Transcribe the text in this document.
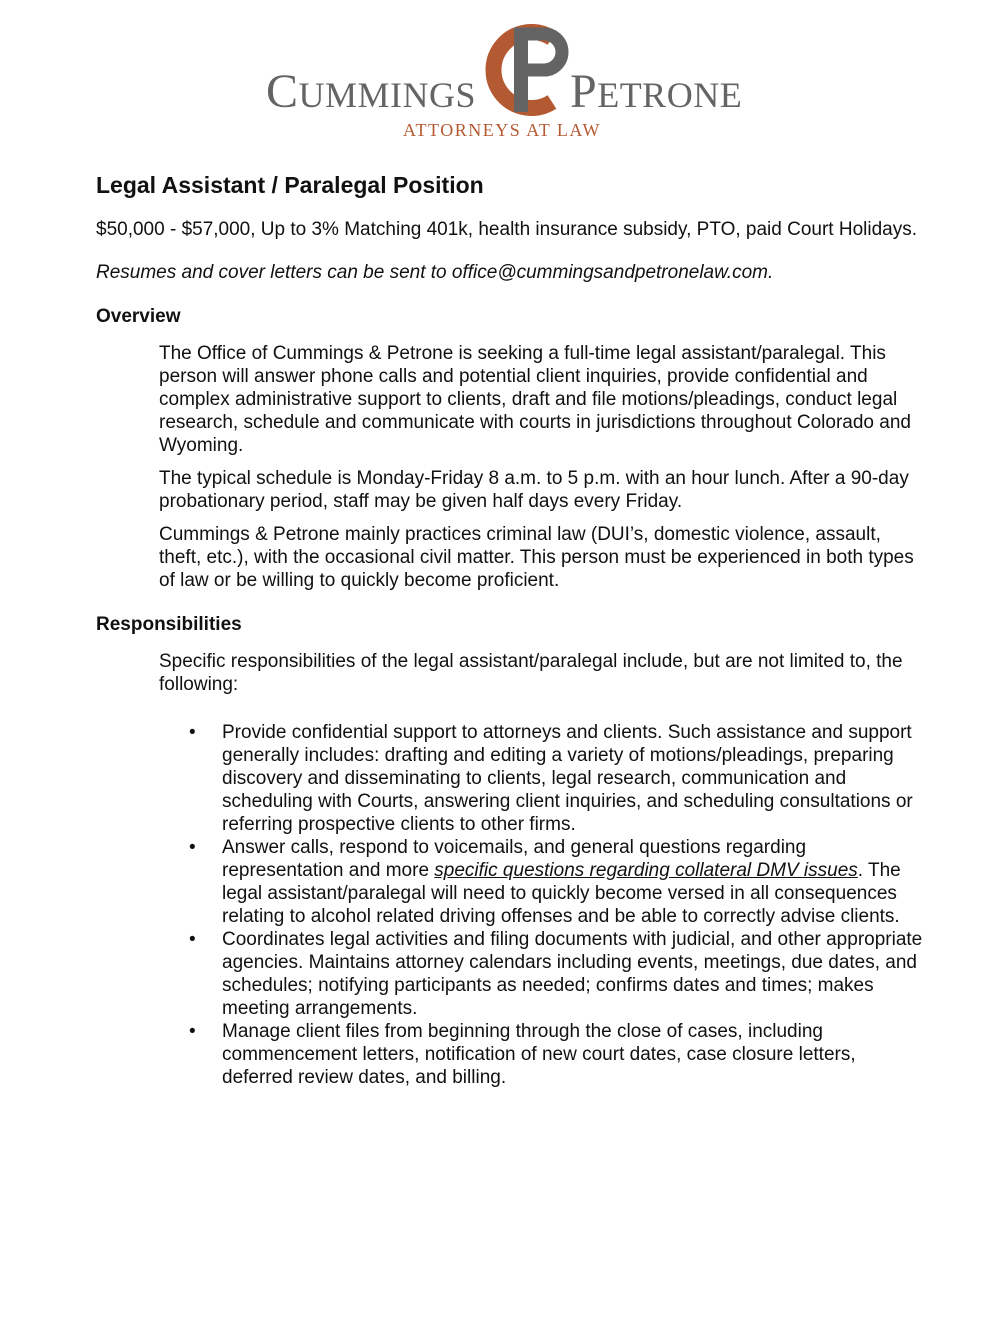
CUMMINGS PETRONE
ATTORNEYS AT LAW
Legal Assistant / Paralegal Position

$50,000 - $57,000, Up to 3% Matching 401k, health insurance subsidy, PTO, paid Court Holidays.

Resumes and cover letters can be sent to office@cummingsandpetronelaw.com.

Overview

The Office of Cummings & Petrone is seeking a full-time legal assistant/paralegal. This person will answer phone calls and potential client inquiries, provide confidential and complex administrative support to clients, draft and file motions/pleadings, conduct legal research, schedule and communicate with courts in jurisdictions throughout Colorado and Wyoming.

The typical schedule is Monday-Friday 8 a.m. to 5 p.m. with an hour lunch. After a 90-day probationary period, staff may be given half days every Friday.

Cummings & Petrone mainly practices criminal law (DUI’s, domestic violence, assault, theft, etc.), with the occasional civil matter. This person must be experienced in both types of law or be willing to quickly become proficient.

Responsibilities

Specific responsibilities of the legal assistant/paralegal include, but are not limited to, the following:

• Provide confidential support to attorneys and clients. Such assistance and support generally includes: drafting and editing a variety of motions/pleadings, preparing discovery and disseminating to clients, legal research, communication and scheduling with Courts, answering client inquiries, and scheduling consultations or referring prospective clients to other firms.
• Answer calls, respond to voicemails, and general questions regarding representation and more specific questions regarding collateral DMV issues. The legal assistant/paralegal will need to quickly become versed in all consequences relating to alcohol related driving offenses and be able to correctly advise clients.
• Coordinates legal activities and filing documents with judicial, and other appropriate agencies. Maintains attorney calendars including events, meetings, due dates, and schedules; notifying participants as needed; confirms dates and times; makes meeting arrangements.
• Manage client files from beginning through the close of cases, including commencement letters, notification of new court dates, case closure letters, deferred review dates, and billing.
